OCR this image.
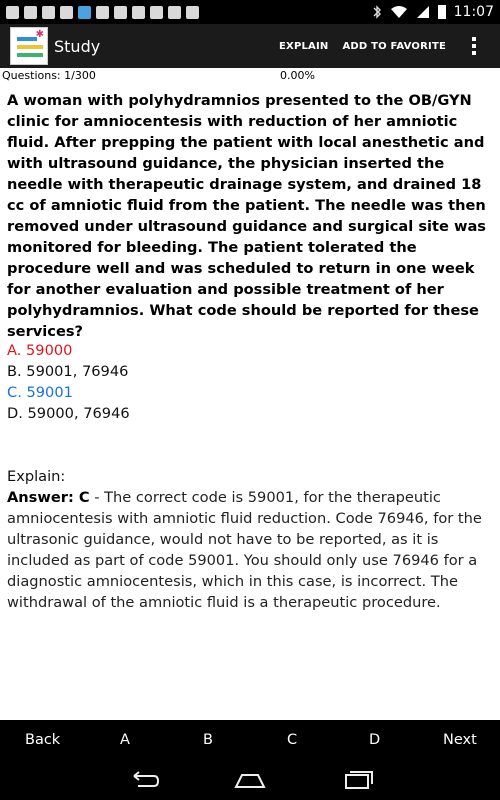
11:07
✱
Study	EXPLAIN ADD TO FAVORITE
Questions: 1/300	0.00%
A woman with polyhydramnios presented to the OB/GYN clinic for amniocentesis with reduction of her amniotic fluid. After prepping the patient with local anesthetic and with ultrasound guidance, the physician inserted the needle with therapeutic drainage system, and drained 18 cc of amniotic fluid from the patient. The needle was then removed under ultrasound guidance and surgical site was monitored for bleeding. The patient tolerated the procedure well and was scheduled to return in one week for another evaluation and possible treatment of her polyhydramnios. What code should be reported for these services?
A. 59000
B. 59001, 76946
C. 59001
D. 59000, 76946
Explain:
Answer: C - The correct code is 59001, for the therapeutic amniocentesis with amniotic fluid reduction. Code 76946, for the ultrasonic guidance, would not have to be reported, as it is included as part of code 59001. You should only use 76946 for a diagnostic amniocentesis, which in this case, is incorrect. The withdrawal of the amniotic fluid is a therapeutic procedure.
Back	A	B	C	D	Next
